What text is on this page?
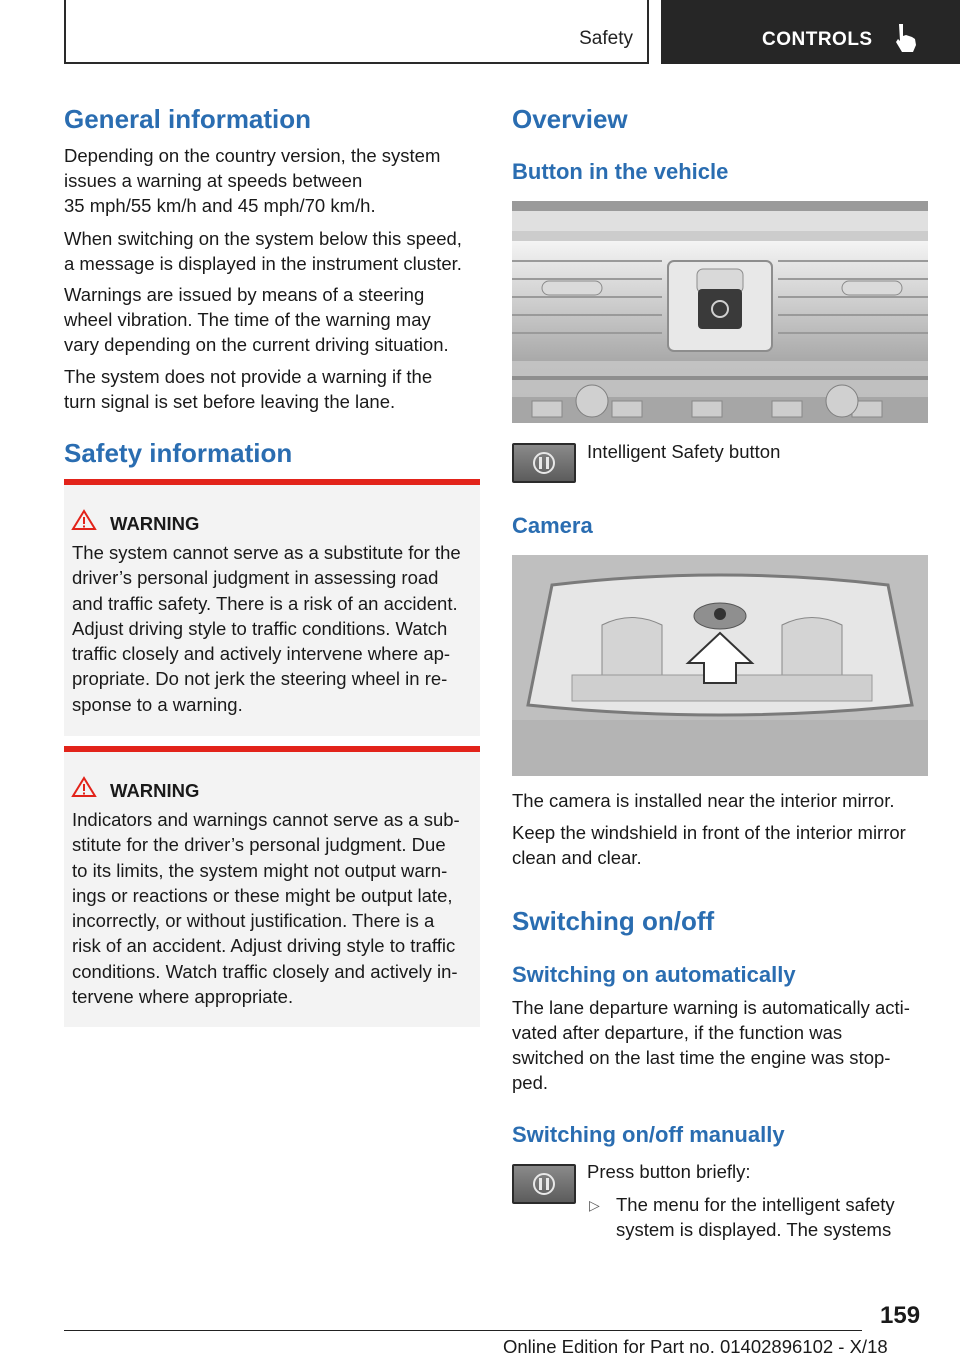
Safety	CONTROLS
General information
Depending on the country version, the system
issues a warning at speeds between
35 mph/55 km/h and 45 mph/70 km/h.
When switching on the system below this speed,
a message is displayed in the instrument cluster.
Warnings are issued by means of a steering
wheel vibration. The time of the warning may
vary depending on the current driving situation.
The system does not provide a warning if the
turn signal is set before leaving the lane.
Safety information
WARNING
The system cannot serve as a substitute for the
driver’s personal judgment in assessing road
and traffic safety. There is a risk of an accident.
Adjust driving style to traffic conditions. Watch
traffic closely and actively intervene where ap‐
propriate. Do not jerk the steering wheel in re‐
sponse to a warning.
WARNING
Indicators and warnings cannot serve as a sub‐
stitute for the driver’s personal judgment. Due
to its limits, the system might not output warn‐
ings or reactions or these might be output late,
incorrectly, or without justification. There is a
risk of an accident. Adjust driving style to traffic
conditions. Watch traffic closely and actively in‐
tervene where appropriate.
Overview
Button in the vehicle
Intelligent Safety button
Camera
The camera is installed near the interior mirror.
Keep the windshield in front of the interior mirror
clean and clear.
Switching on/off
Switching on automatically
The lane departure warning is automatically acti‐
vated after departure, if the function was
switched on the last time the engine was stop‐
ped.
Switching on/off manually
Press button briefly:
▷ The menu for the intelligent safety
system is displayed. The systems
159
Online Edition for Part no. 01402896102 - X/18
